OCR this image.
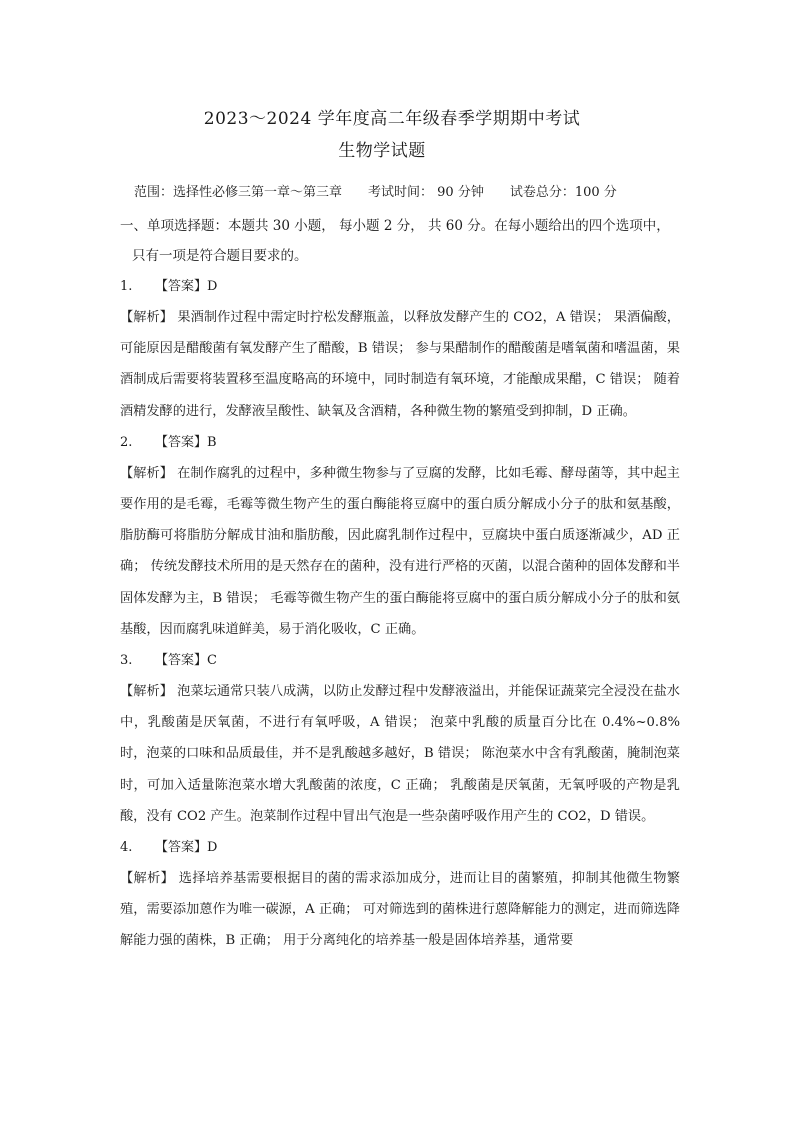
2023～2024 学年度高二年级春季学期期中考试
生物学试题
范围：选择性必修三第一章～第三章 考试时间： 90 分钟 试卷总分：100 分
一、单项选择题：本题共 30 小题， 每小题 2 分， 共 60 分。在每小题给出的四个选项中，
只有一项是符合题目要求的。
1. 【答案】D

【解析】 果酒制作过程中需定时拧松发酵瓶盖，以释放发酵产生的 CO2，A 错误； 果酒偏酸，可能原因是醋酸菌有氧发酵产生了醋酸，B 错误； 参与果醋制作的醋酸菌是嗜氧菌和嗜温菌，果酒制成后需要将装置移至温度略高的环境中，同时制造有氧环境，才能酿成果醋，C 错误； 随着酒精发酵的进行，发酵液呈酸性、缺氧及含酒精，各种微生物的繁殖受到抑制，D 正确。

2. 【答案】B

【解析】 在制作腐乳的过程中，多种微生物参与了豆腐的发酵，比如毛霉、酵母菌等，其中起主要作用的是毛霉，毛霉等微生物产生的蛋白酶能将豆腐中的蛋白质分解成小分子的肽和氨基酸，脂肪酶可将脂肪分解成甘油和脂肪酸，因此腐乳制作过程中，豆腐块中蛋白质逐渐减少，AD 正确； 传统发酵技术所用的是天然存在的菌种，没有进行严格的灭菌，以混合菌种的固体发酵和半固体发酵为主，B 错误； 毛霉等微生物产生的蛋白酶能将豆腐中的蛋白质分解成小分子的肽和氨基酸，因而腐乳味道鲜美，易于消化吸收，C 正确。

3. 【答案】C

【解析】 泡菜坛通常只装八成满，以防止发酵过程中发酵液溢出，并能保证蔬菜完全浸没在盐水中，乳酸菌是厌氧菌，不进行有氧呼吸，A 错误； 泡菜中乳酸的质量百分比在 0.4%~0.8%时，泡菜的口味和品质最佳，并不是乳酸越多越好，B 错误； 陈泡菜水中含有乳酸菌，腌制泡菜时，可加入适量陈泡菜水增大乳酸菌的浓度，C 正确； 乳酸菌是厌氧菌，无氧呼吸的产物是乳酸，没有 CO2 产生。泡菜制作过程中冒出气泡是一些杂菌呼吸作用产生的 CO2，D 错误。

4. 【答案】D

【解析】 选择培养基需要根据目的菌的需求添加成分，进而让目的菌繁殖，抑制其他微生物繁殖，需要添加蒽作为唯一碳源，A 正确； 可对筛选到的菌株进行蒽降解能力的测定，进而筛选降解能力强的菌株，B 正确； 用于分离纯化的培养基一般是固体培养基，通常要
